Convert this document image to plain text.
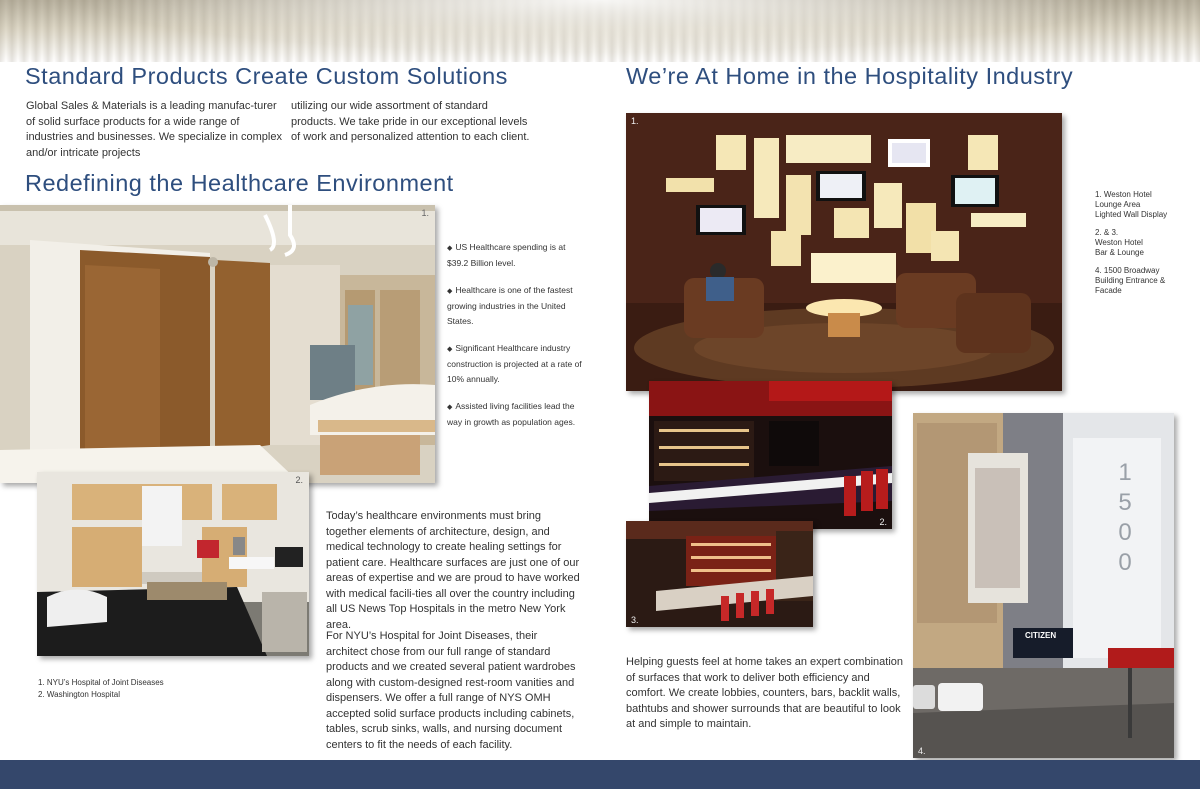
Standard Products Create Custom Solutions

Global Sales & Materials is a leading manufac-turer of solid surface products for a wide range of industries and businesses. We specialize in complex and/or intricate projects

utilizing our wide assortment of standard products. We take pride in our exceptional levels of work and personalized attention to each client.

Redefining the Healthcare Environment
1.
2.
◆ US Healthcare spending is at $39.2 Billion level.
◆ Healthcare is one of the fastest growing industries in the United States.
◆ Significant Healthcare industry construction is projected at a rate of 10% annually.
◆ Assisted living facilities lead the way in growth as population ages.
1. NYU’s Hospital of Joint Diseases
2. Washington Hospital

Today’s healthcare environments must bring together elements of architecture, design, and medical technology to create healing settings for patient care. Healthcare surfaces are just one of our areas of expertise and we are proud to have worked with medical facili-ties all over the country including all US News Top Hospitals in the metro New York area.

For NYU’s Hospital for Joint Diseases, their architect chose from our full range of standard products and we created several patient wardrobes along with custom-designed rest-room vanities and dispensers. We offer a full range of NYS OMH accepted solid surface products including cabinets, tables, scrub sinks, walls, and nursing document centers to fit the needs of each facility.

We’re At Home in the Hospitality Industry
1.
2.
3.
1500
CITIZEN
4.

1. Weston Hotel
Lounge Area
Lighted Wall Display

2. & 3.
Weston Hotel
Bar & Lounge

4. 1500 Broadway
Building Entrance &
Facade

Helping guests feel at home takes an expert combination of surfaces that work to deliver both efficiency and comfort. We create lobbies, counters, bars, backlit walls, bathtubs and shower surrounds that are beautiful to look at and simple to maintain.
